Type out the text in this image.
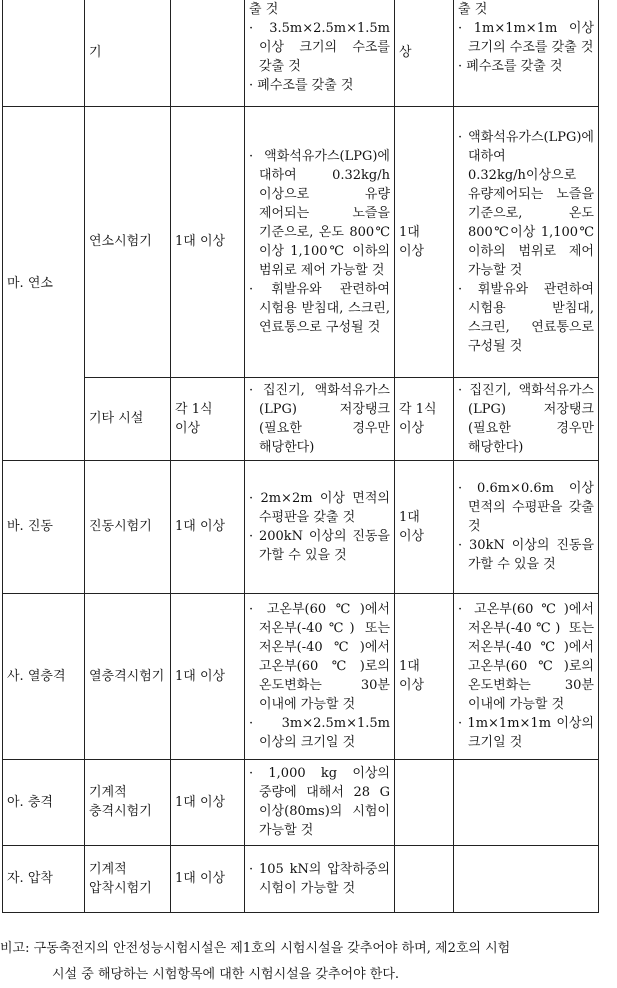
	기		출 것
· 3.5m×2.5m×1.5m 이상 크기의 수조를 갖출 것
· 폐수조를 갖출 것	상	출 것
· 1m×1m×1m 이상 크기의 수조를 갖출 것
· 폐수조를 갖출 것

마. 연소	연소시험기	1대 이상	· 액화석유가스(LPG)에 대하여 0.32kg/h 이상으로 유량 제어되는 노즐을 기준으로, 온도 800℃이상 1,100℃ 이하의 범위로 제어 가능할 것
· 휘발유와 관련하여 시험용 받침대, 스크린, 연료통으로 구성될 것	1대 이상	· 액화석유가스(LPG)에 대하여 0.32kg/h이상으로 유량제어되는 노즐을 기준으로, 온도 800℃이상 1,100℃ 이하의 범위로 제어 가능할 것
· 휘발유와 관련하여 시험용 받침대, 스크린, 연료통으로 구성될 것

	기타 시설	각 1식 이상	· 집진기, 액화석유가스(LPG) 저장탱크(필요한 경우만 해당한다)	각 1식 이상	· 집진기, 액화석유가스(LPG) 저장탱크(필요한 경우만 해당한다)

바. 진동	진동시험기	1대 이상	· 2m×2m 이상 면적의 수평판을 갖출 것
· 200kN 이상의 진동을 가할 수 있을 것	1대 이상	· 0.6m×0.6m 이상 면적의 수평판을 갖출 것
· 30kN 이상의 진동을 가할 수 있을 것

사. 열충격	열충격시험기	1대 이상	· 고온부(60℃)에서 저온부(-40℃) 또는 저온부(-40℃)에서 고온부(60℃)로의 온도변화는 30분 이내에 가능할 것
· 3m×2.5m×1.5m 이상의 크기일 것	1대 이상	· 고온부(60℃)에서 저온부(-40℃) 또는 저온부(-40℃)에서 고온부(60℃)로의 온도변화는 30분 이내에 가능할 것
· 1m×1m×1m 이상의 크기일 것

아. 충격	기계적 충격시험기	1대 이상	· 1,000 kg 이상의 중량에 대해서 28 G 이상(80ms)의 시험이 가능할 것		

자. 압착	기계적 압착시험기	1대 이상	· 105 kN의 압착하중의 시험이 가능할 것		

비고: 구동축전지의 안전성능시험시설은 제1호의 시험시설을 갖추어야 하며, 제2호의 시험
시설 중 해당하는 시험항목에 대한 시험시설을 갖추어야 한다.
